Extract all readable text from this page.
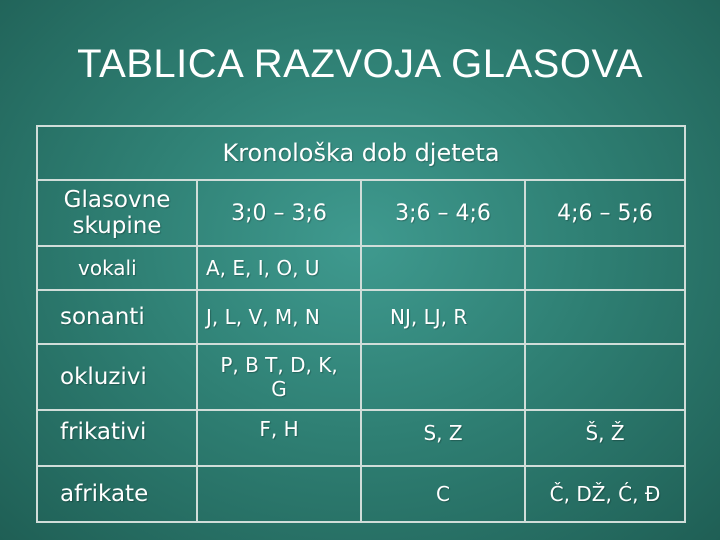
TABLICA RAZVOJA GLASOVA
Kronološka dob djeteta			
Glasovne skupine	3;0 – 3;6	3;6 – 4;6	4;6 – 5;6
vokali	A, E, I, O, U		
sonanti	J, L, V, M, N	NJ, LJ, R	
okluzivi	P, B T, D, K, G		
frikativi	F, H	S, Z	Š, Ž
afrikate		C	Č, DŽ, Ć, Đ
